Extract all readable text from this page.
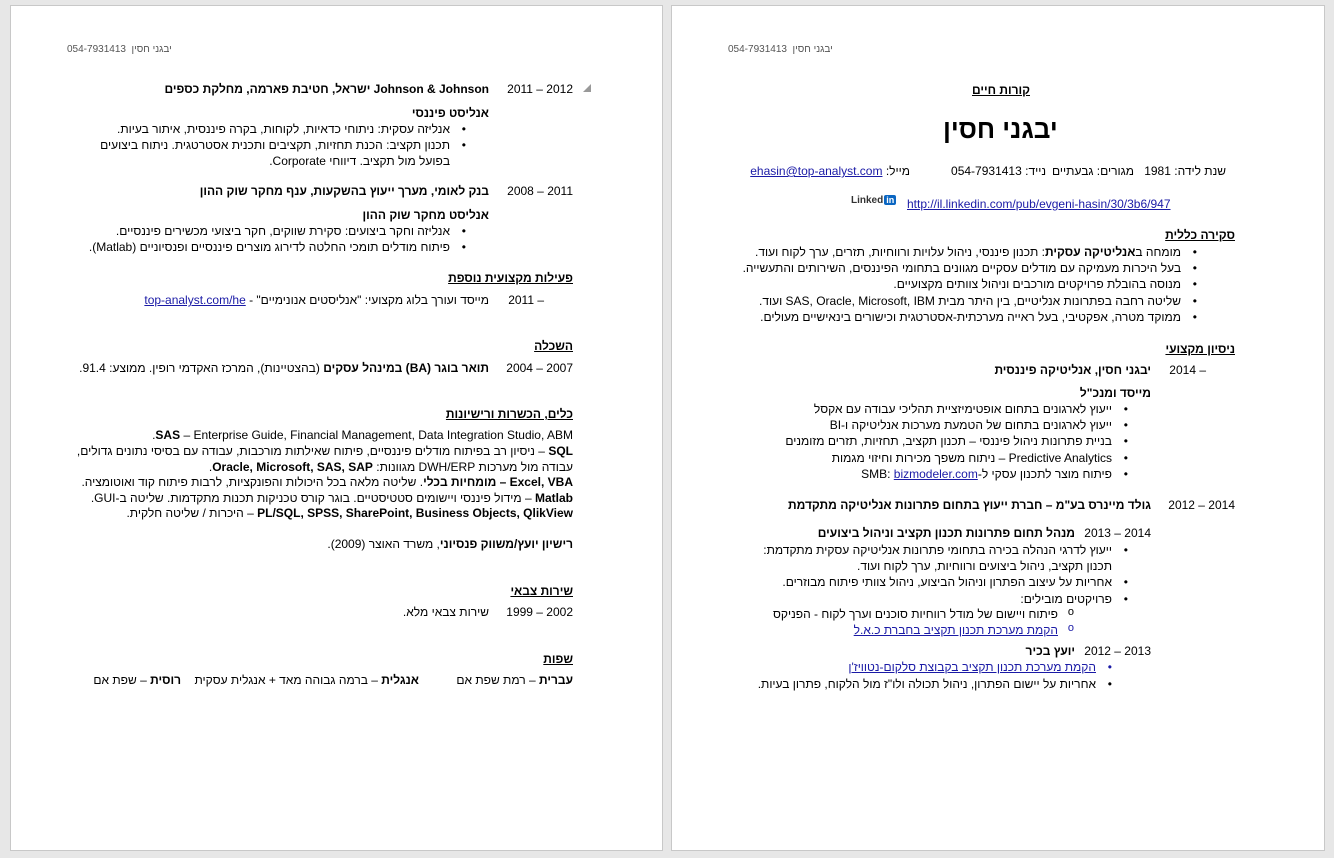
יבגני חסין  054-7931413
2011 – 2012
Johnson & Johnson ישראל, חטיבת פארמה, מחלקת כספים
אנליסט פיננסי
• אנליזה עסקית: ניתוחי כדאיות, לקוחות, בקרה פיננסית, איתור בעיות.
• תכנון תקציב: הכנת תחזיות, תקציבים ותכנית אסטרטגית. ניתוח ביצועים
בפועל מול תקציב. דיווחי Corporate.
2008 – 2011
בנק לאומי, מערך ייעוץ בהשקעות, ענף מחקר שוק ההון
אנליסט מחקר שוק ההון
• אנליזה וחקר ביצועים: סקירת שווקים, חקר ביצועי מכשירים פיננסיים.
• פיתוח מודלים תומכי החלטה לדירוג מוצרים פיננסיים ופנסיוניים (Matlab).
פעילות מקצועית נוספת
2011 –
מייסד ועורך בלוג מקצועי: "אנליסטים אנונימיים" - top-analyst.com/he
השכלה
2004 – 2007
תואר בוגר (BA) במינהל עסקים (בהצטיינות), המרכז האקדמי רופין. ממוצע: 91.4.
כלים, הכשרות ורישיונות
SAS – Enterprise Guide, Financial Management, Data Integration Studio, ABM.
SQL – ניסיון רב בפיתוח מודלים פיננסיים, פיתוח שאילתות מורכבות, עבודה עם בסיסי נתונים גדולים,
עבודה מול מערכות DWH/ERP מגוונות: Oracle, Microsoft, SAS, SAP.
Excel, VBA – מומחיות בכלי. שליטה מלאה בכל היכולות והפונקציות, לרבות פיתוח קוד ואוטומציה.
Matlab – מידול פיננסי ויישומים סטטיסטיים. בוגר קורס טכניקות תכנות מתקדמות. שליטה ב-GUI.
PL/SQL, SPSS, SharePoint, Business Objects, QlikView – היכרות / שליטה חלקית.
רישיון יועץ/משווק פנסיוני, משרד האוצר (2009).
שירות צבאי
1999 – 2002
שירות צבאי מלא.
שפות
עברית – רמת שפת אם
אנגלית – ברמה גבוהה מאד + אנגלית עסקית
רוסית – שפת אם
יבגני חסין  054-7931413
קורות חיים
יבגני חסין
שנת לידה: 1981
מגורים: גבעתיים
נייד: 054-7931413
מייל: ehasin@top-analyst.com
Linked in http://il.linkedin.com/pub/evgeni-hasin/30/3b6/947
סקירה כללית
• מומחה באנליטיקה עסקית: תכנון פיננסי, ניהול עלויות ורווחיות, תזרים, ערך לקוח ועוד.
• בעל היכרות מעמיקה עם מודלים עסקיים מגוונים בתחומי הפיננסים, השירותים והתעשייה.
• מנוסה בהובלת פרויקטים מורכבים וניהול צוותים מקצועיים.
• שליטה רחבה בפתרונות אנליטיים, בין היתר מבית SAS, Oracle, Microsoft, IBM ועוד.
• ממוקד מטרה, אפקטיבי, בעל ראייה מערכתית-אסטרטגית וכישורים בינאישיים מעולים.
ניסיון מקצועי
2014 –
יבגני חסין, אנליטיקה פיננסית
מייסד ומנכ"ל
• ייעוץ לארגונים בתחום אופטימיזציית תהליכי עבודה עם אקסל
• ייעוץ לארגונים בתחום של הטמעת מערכות אנליטיקה ו-BI
• בניית פתרונות ניהול פיננסי – תכנון תקציב, תחזיות, תזרים מזומנים
• Predictive Analytics – ניתוח משפך מכירות וחיזוי מגמות
• פיתוח מוצר לתכנון עסקי ל-SMB: bizmodeler.com
2012 – 2014
גולד מיינרס בע"מ – חברת ייעוץ בתחום פתרונות אנליטיקה מתקדמת
2013 – 2014
מנהל תחום פתרונות תכנון תקציב וניהול ביצועים
• ייעוץ לדרגי הנהלה בכירה בתחומי פתרונות אנליטיקה עסקית מתקדמת:
תכנון תקציב, ניהול ביצועים ורווחיות, ערך לקוח ועוד.
• אחריות על עיצוב הפתרון וניהול הביצוע, ניהול צוותי פיתוח מבוזרים.
• פרויקטים מובילים:
o פיתוח ויישום של מודל רווחיות סוכנים וערך לקוח - הפניקס
o הקמת מערכת תכנון תקציב בחברת כ.א.ל
2012 – 2013
יועץ בכיר
• הקמת מערכת תכנון תקציב בקבוצת סלקום-נטוויז'ן
• אחריות על יישום הפתרון, ניהול תכולה ולו"ז מול הלקוח, פתרון בעיות.
